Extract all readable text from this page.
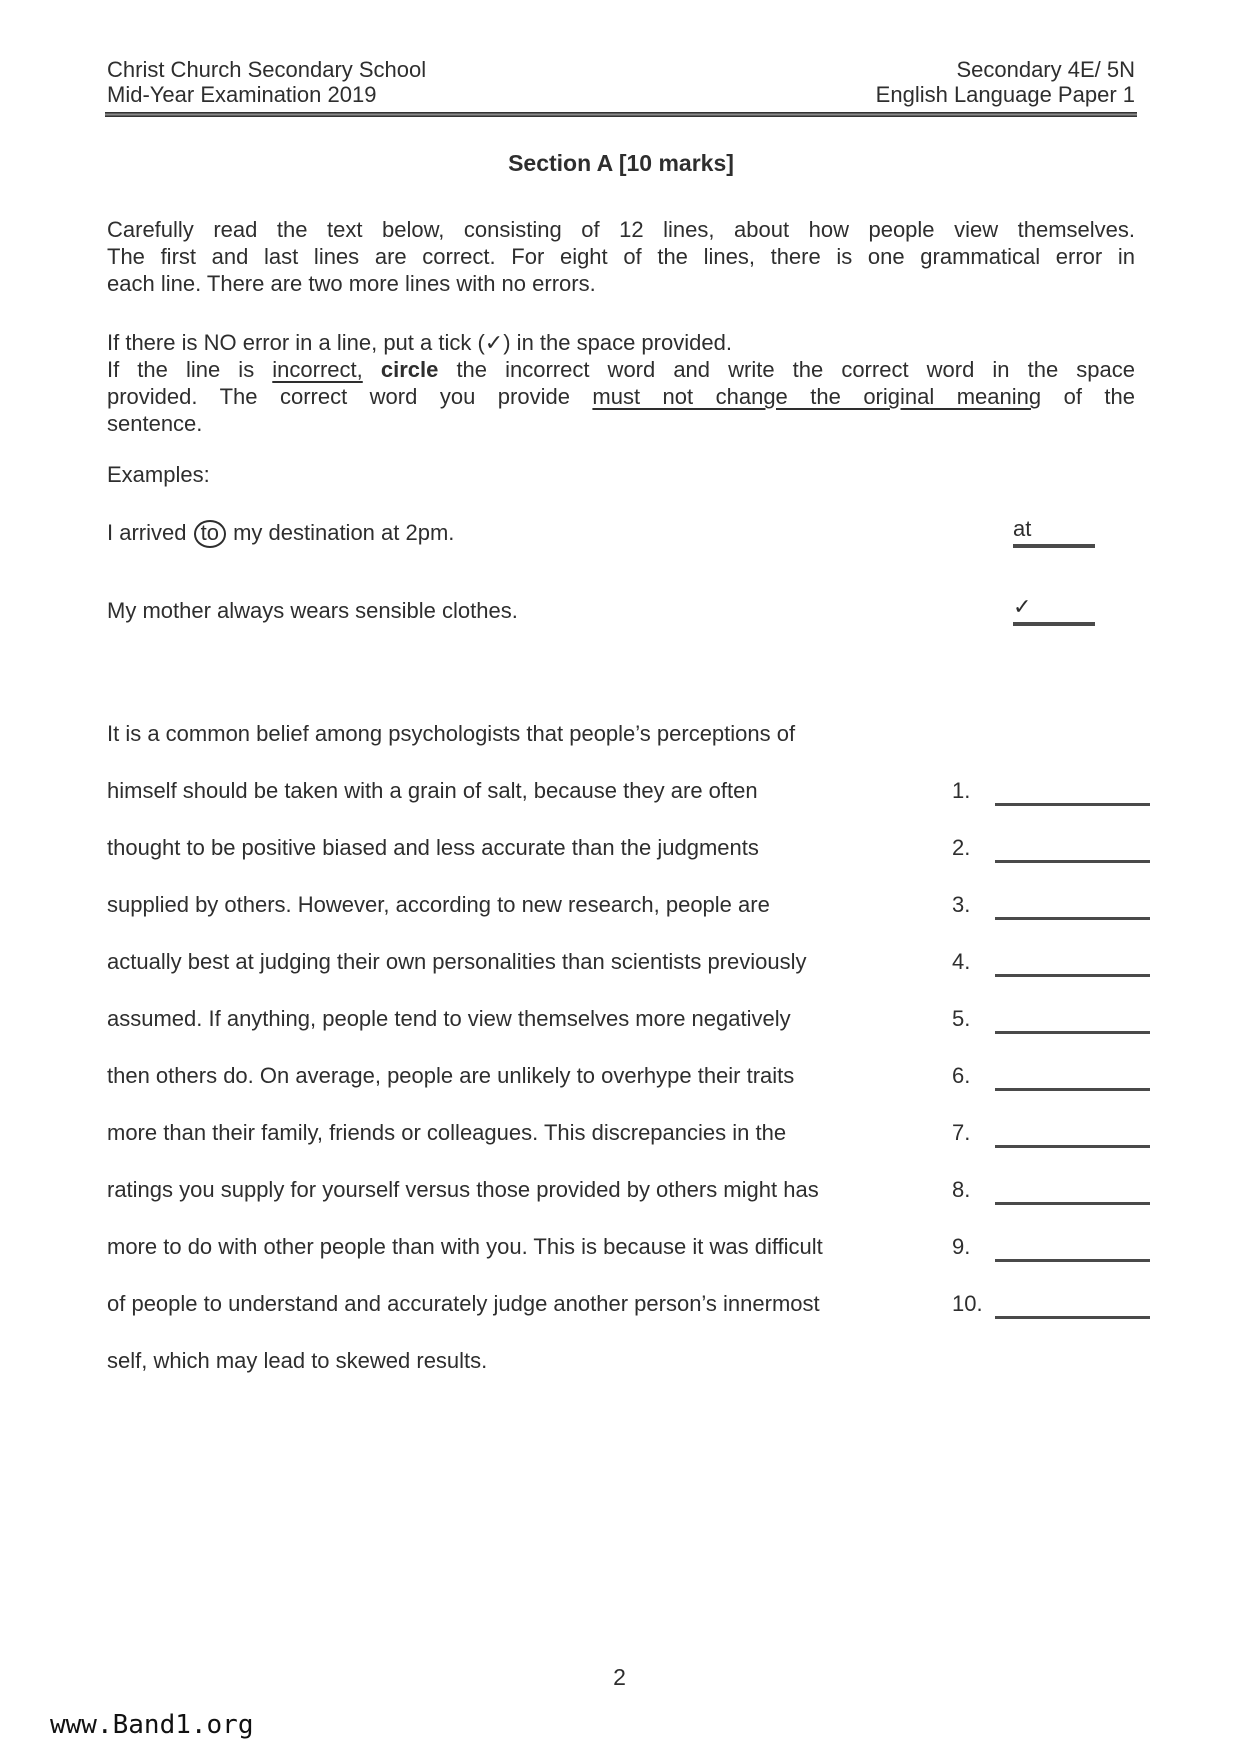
Christ Church Secondary School
Mid-Year Examination 2019
Secondary 4E/ 5N
English Language Paper 1
Section A [10 marks]
Carefully read the text below, consisting of 12 lines, about how people view themselves.
The first and last lines are correct. For eight of the lines, there is one grammatical error in
each line. There are two more lines with no errors.
If there is NO error in a line, put a tick (✓) in the space provided.
If the line is incorrect, circle the incorrect word and write the correct word in the space
provided. The correct word you provide must not change the original meaning of the
sentence.
Examples:
I arrived to my destination at 2pm.	at
My mother always wears sensible clothes.	✓
It is a common belief among psychologists that people’s perceptions of
himself should be taken with a grain of salt, because they are often	1.
thought to be positive biased and less accurate than the judgments	2.
supplied by others. However, according to new research, people are	3.
actually best at judging their own personalities than scientists previously	4.
assumed. If anything, people tend to view themselves more negatively	5.
then others do. On average, people are unlikely to overhype their traits	6.
more than their family, friends or colleagues. This discrepancies in the	7.
ratings you supply for yourself versus those provided by others might has	8.
more to do with other people than with you. This is because it was difficult	9.
of people to understand and accurately judge another person’s innermost	10.
self, which may lead to skewed results.
2
www.Band1.org
